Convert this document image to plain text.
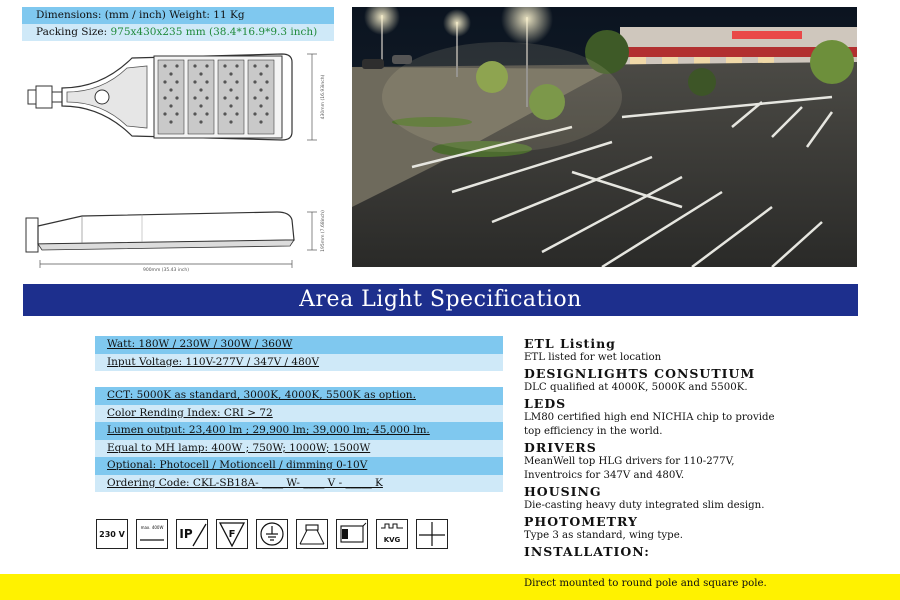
Dimensions: (mm / inch) Weight: 11 Kg
Packing Size: 975x430x235 mm (38.4*16.9*9.3 inch)
430mm (16.93inch)
900mm (35.43 inch)
195mm (7.68inch)
Area Light Specification
Watt: 180W / 230W / 300W / 360W
Input Voltage: 110V-277V / 347V / 480V
CCT: 5000K as standard, 3000K, 4000K, 5500K as option.
Color Rending Index: CRI > 72
Lumen output: 23,400 lm ; 29,900 lm; 39,000 lm; 45,000 lm.
Equal to MH lamp: 400W ; 750W; 1000W; 1500W
Optional: Photocell / Motioncell / dimming 0-10V
Ordering Code: CKL-SB18A- ____ W- ____ V - _____ K
230 V
max. 400W IP	F	KVG
ETL Listing
ETL listed for wet location
DESIGNLIGHTS CONSUTIUM
DLC qualified at 4000K, 5000K and 5500K.
LEDS
LM80 certified high end NICHIA chip to provide
top efficiency in the world.
DRIVERS
MeanWell top HLG drivers for 110-277V,
Inventroics for 347V and 480V.
HOUSING
Die-casting heavy duty integrated slim design.
PHOTOMETRY
Type 3 as standard, wing type.
INSTALLATION:
Direct mounted to round pole and square pole.
